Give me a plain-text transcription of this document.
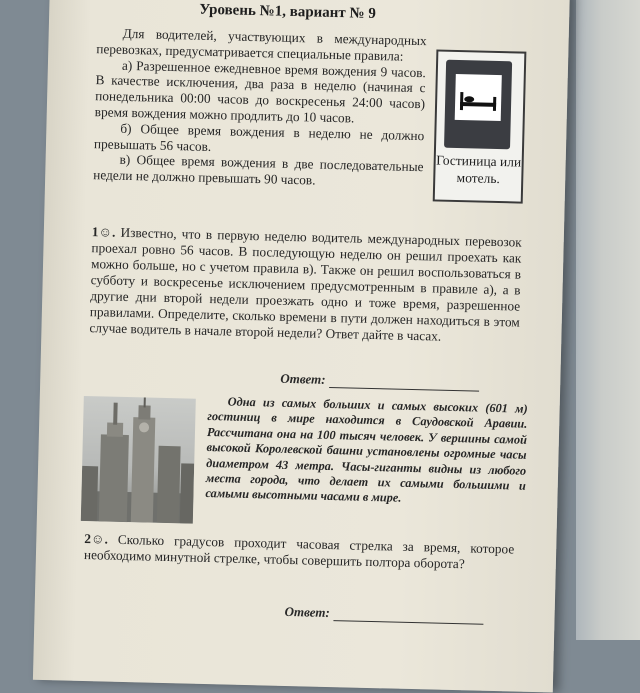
Уровень №1, вариант № 9

Для водителей, участвующих в международных перевозках, предусматривается специальные правила:

а) Разрешенное ежедневное время вождения 9 часов. В качестве исключения, два раза в неделю (начиная с понедельника 00:00 часов до воскресенья 24:00 часов) время вождения можно продлить до 10 часов.

б) Общее время вождения в неделю не должно превышать 56 часов.

в) Общее время вождения в две последовательные недели не должно превышать 90 часов.

Гостиница или мотель.
1☺. Известно, что в первую неделю водитель международных перевозок проехал ровно 56 часов. В последующую неделю он решил проехать как можно больше, но с учетом правила в). Также он решил воспользоваться в субботу и воскресенье исключением предусмотренным в правиле а), а в другие дни второй недели проезжать одно и тоже время, разрешенное правилами. Определите, сколько времени в пути должен находиться в этом случае водитель в начале второй недели? Ответ дайте в часах.
Ответ:
Одна из самых больших и самых высоких (601 м) гостиниц в мире находится в Саудовской Аравии. Рассчитана она на 100 тысяч человек. У вершины самой высокой Королевской башни установлены огромные часы диаметром 43 метра. Часы-гиганты видны из любого места города, что делает их самыми большими и самыми высотными часами в мире.
2☺. Сколько градусов проходит часовая стрелка за время, которое необходимо минутной стрелке, чтобы совершить полтора оборота?
Ответ:
